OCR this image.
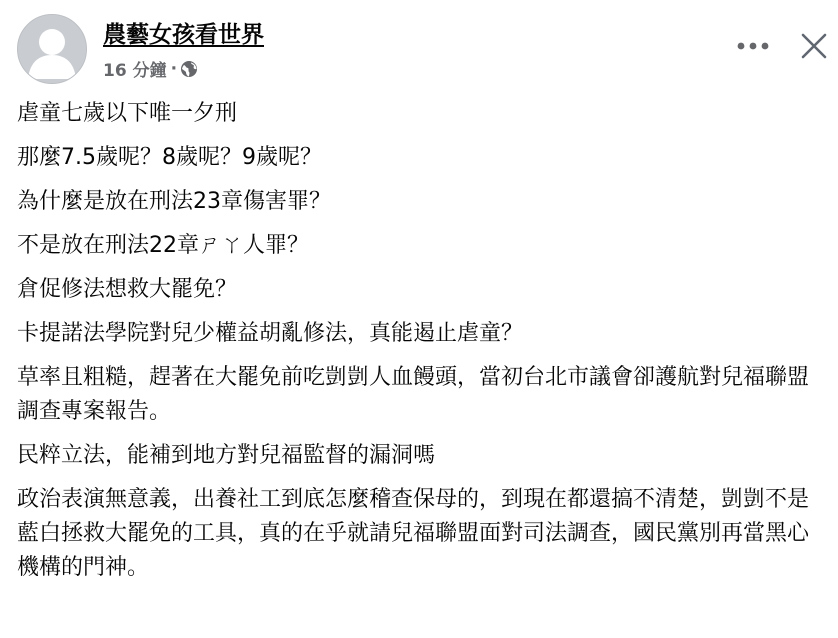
農藝女孩看世界
16 分鐘 ·

虐童七歲以下唯一夕刑

那麼7.5歲呢？8歲呢？9歲呢？

為什麼是放在刑法23章傷害罪？

不是放在刑法22章ㄕㄚ人罪？

倉促修法想救大罷免？

卡提諾法學院對兒少權益胡亂修法，真能遏止虐童？

草率且粗糙，趕著在大罷免前吃剴剴人血饅頭，當初台北市議會卻護航對兒福聯盟調查專案報告。

民粹立法，能補到地方對兒福監督的漏洞嗎

政治表演無意義，出養社工到底怎麼稽查保母的，到現在都還搞不清楚，剴剴不是藍白拯救大罷免的工具，真的在乎就請兒福聯盟面對司法調查，國民黨別再當黑心機構的門神。
